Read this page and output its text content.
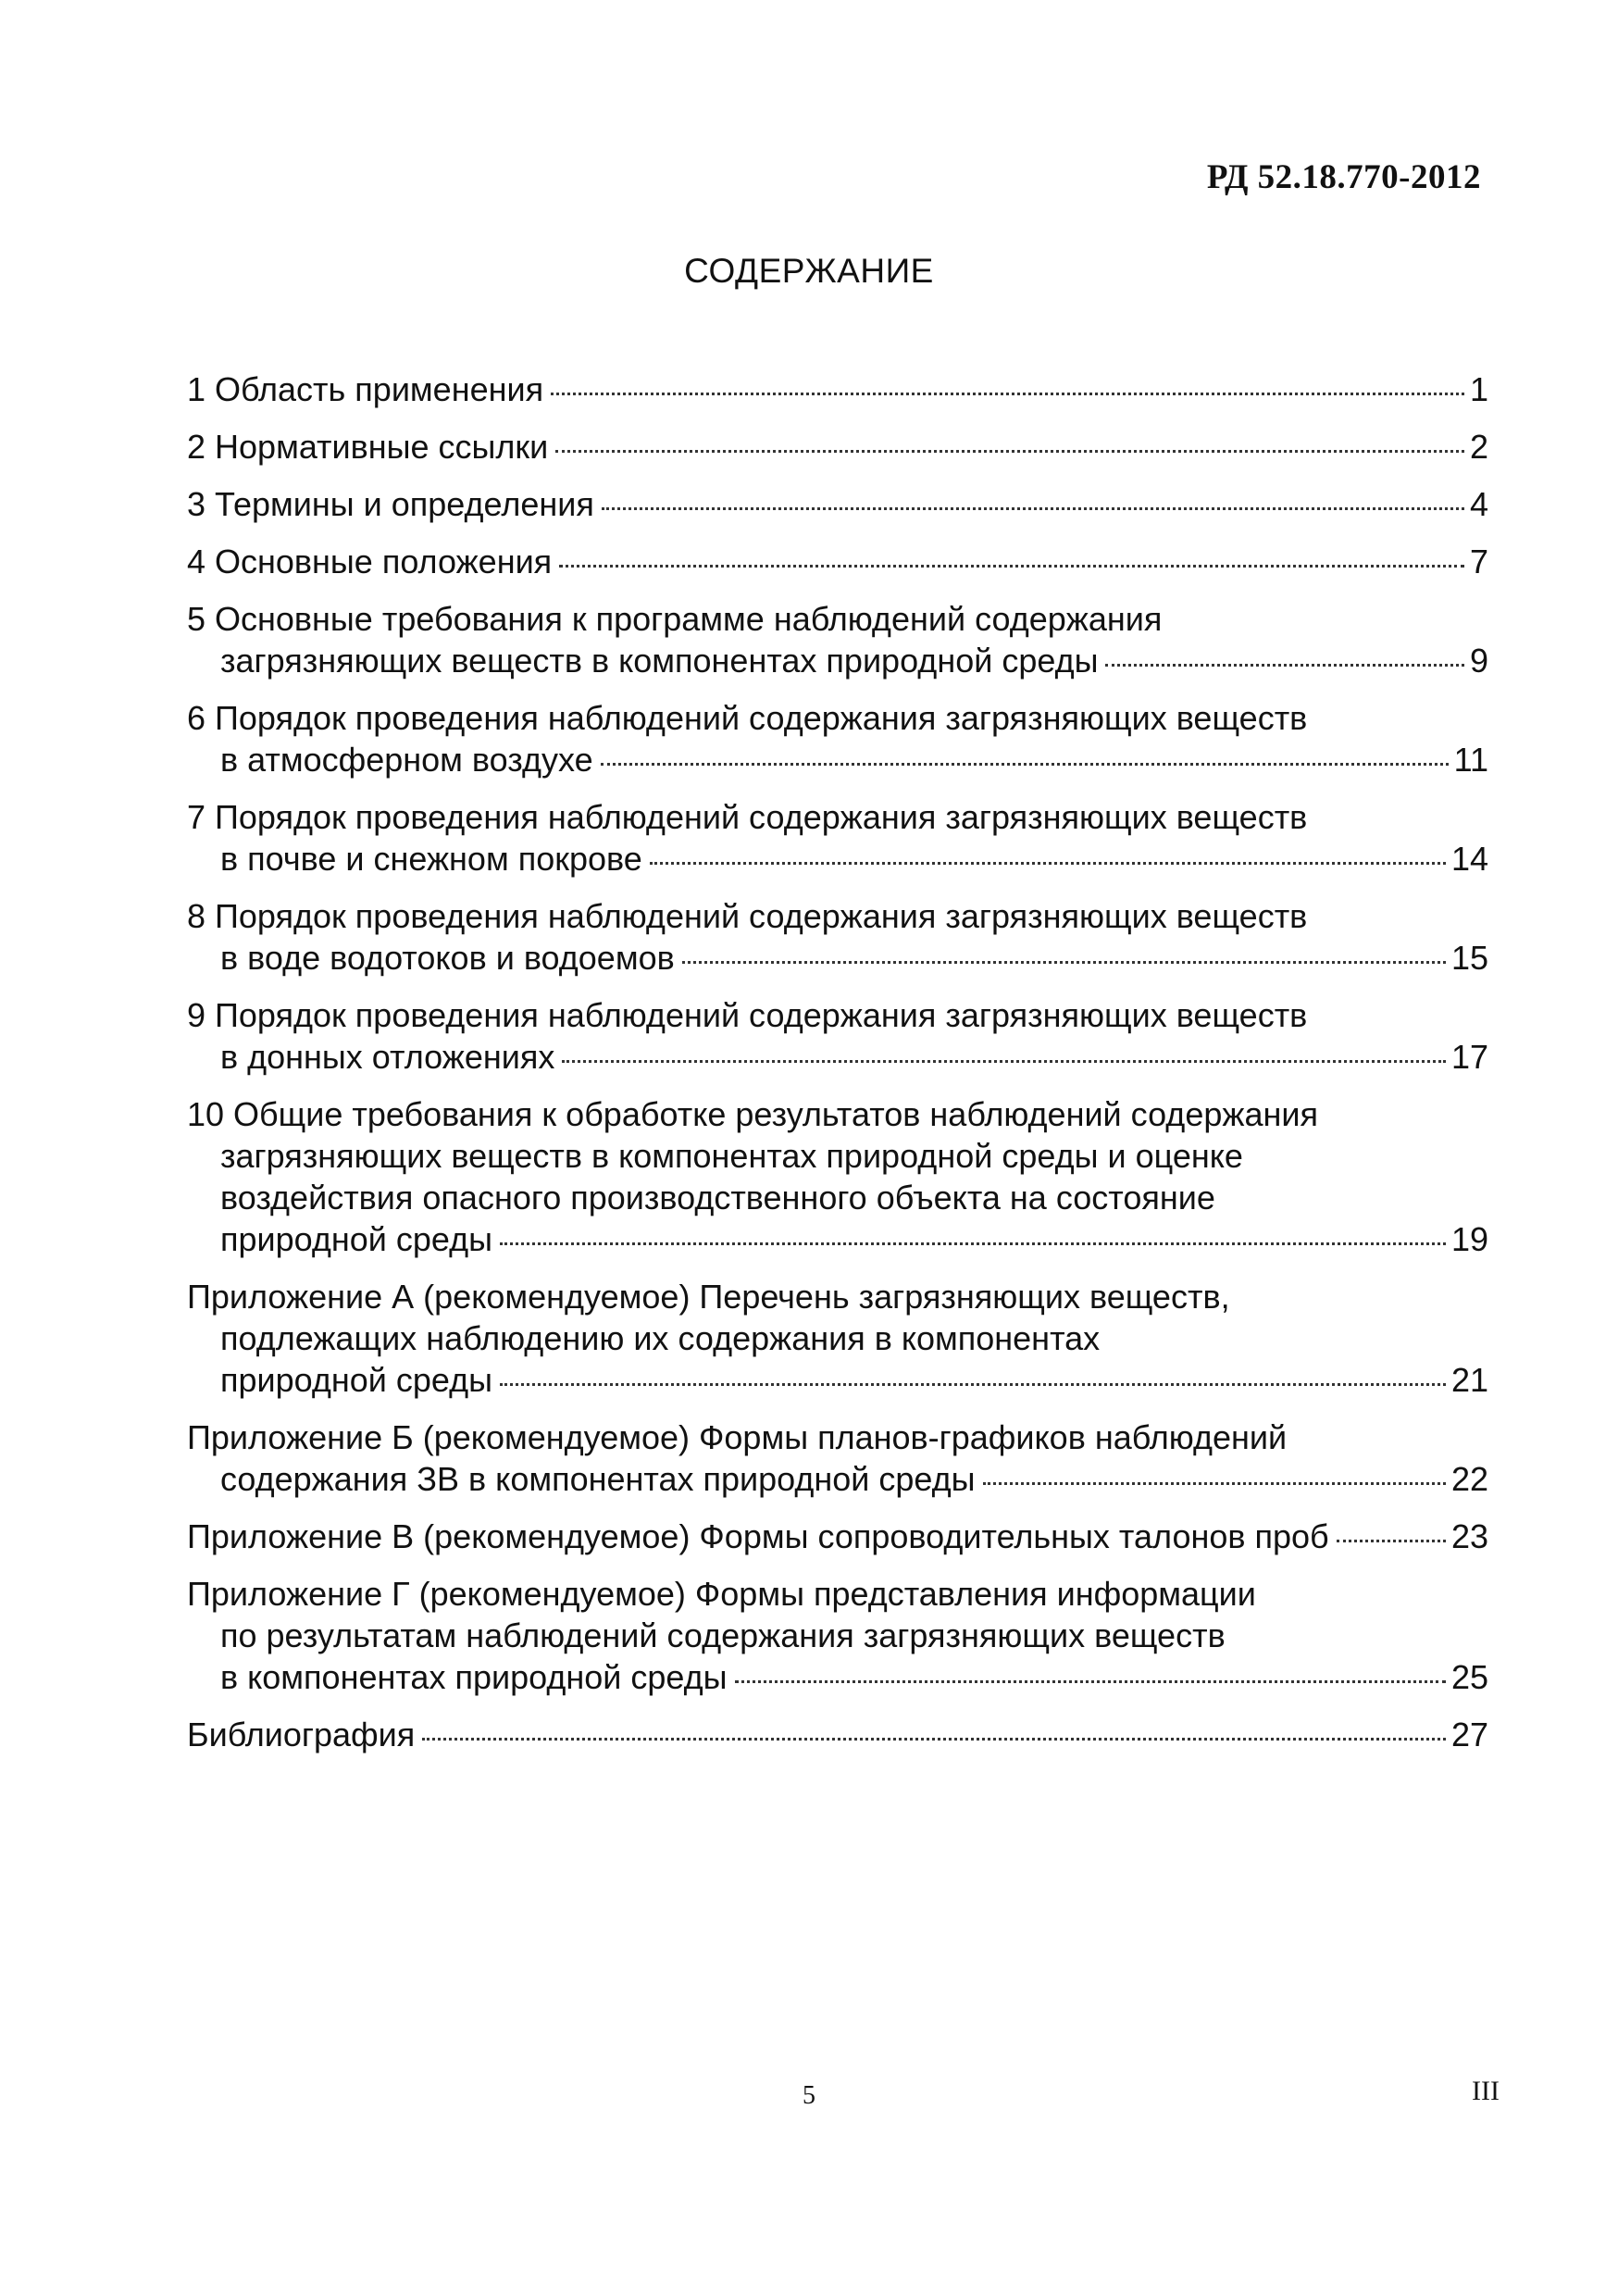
РД 52.18.770-2012
СОДЕРЖАНИЕ
1 Область применения	1
2 Нормативные ссылки	2
3 Термины и определения	4
4 Основные положения	7
5 Основные требования к программе наблюдений содержания
загрязняющих веществ в компонентах природной среды	9
6 Порядок проведения наблюдений содержания загрязняющих веществ
в атмосферном воздухе	11
7 Порядок проведения наблюдений содержания загрязняющих веществ
в почве и снежном покрове	14
8 Порядок проведения наблюдений содержания загрязняющих веществ
в воде водотоков и водоемов	15
9 Порядок проведения наблюдений содержания загрязняющих веществ
в донных отложениях	17
10 Общие требования к обработке результатов наблюдений содержания
загрязняющих веществ в компонентах природной среды и оценке
воздействия опасного производственного объекта на состояние
природной среды	19
Приложение А (рекомендуемое) Перечень загрязняющих веществ,
подлежащих наблюдению их содержания в компонентах
природной среды	21
Приложение Б (рекомендуемое) Формы планов-графиков наблюдений
содержания ЗВ в компонентах природной среды	22
Приложение В (рекомендуемое) Формы сопроводительных талонов проб	23
Приложение Г (рекомендуемое) Формы представления информации
по результатам наблюдений содержания загрязняющих веществ
в компонентах природной среды	25
Библиография	27
5	III
